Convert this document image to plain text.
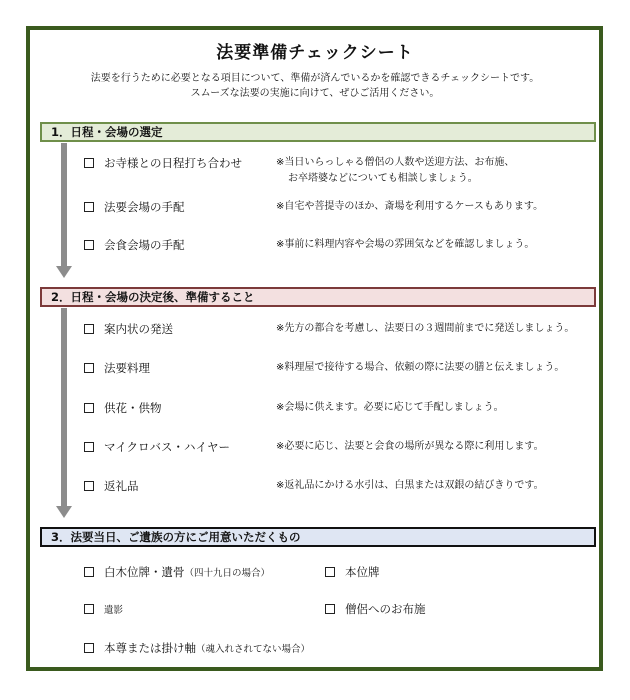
法要準備チェックシート
法要を行うために必要となる項目について、準備が済んでいるかを確認できるチェックシートです。
スムーズな法要の実施に向けて、ぜひご活用ください。
1．日程・会場の選定
お寺様との日程打ち合わせ	※当日いらっしゃる僧侶の人数や送迎方法、お布施、
お卒塔婆などについても相談しましょう。
法要会場の手配	※自宅や菩提寺のほか、斎場を利用するケースもあります。
会食会場の手配	※事前に料理内容や会場の雰囲気などを確認しましょう。
2．日程・会場の決定後、準備すること
案内状の発送	※先方の都合を考慮し、法要日の３週間前までに発送しましょう。
法要料理	※料理屋で接待する場合、依頼の際に法要の膳と伝えましょう。
供花・供物	※会場に供えます。必要に応じて手配しましょう。
マイクロバス・ハイヤー	※必要に応じ、法要と会食の場所が異なる際に利用します。
返礼品	※返礼品にかける水引は、白黒または双銀の結びきりです。
3．法要当日、ご遺族の方にご用意いただくもの
白木位牌・遺骨（四十九日の場合）	本位牌
遺影	僧侶へのお布施
本尊または掛け軸（魂入れされてない場合）
